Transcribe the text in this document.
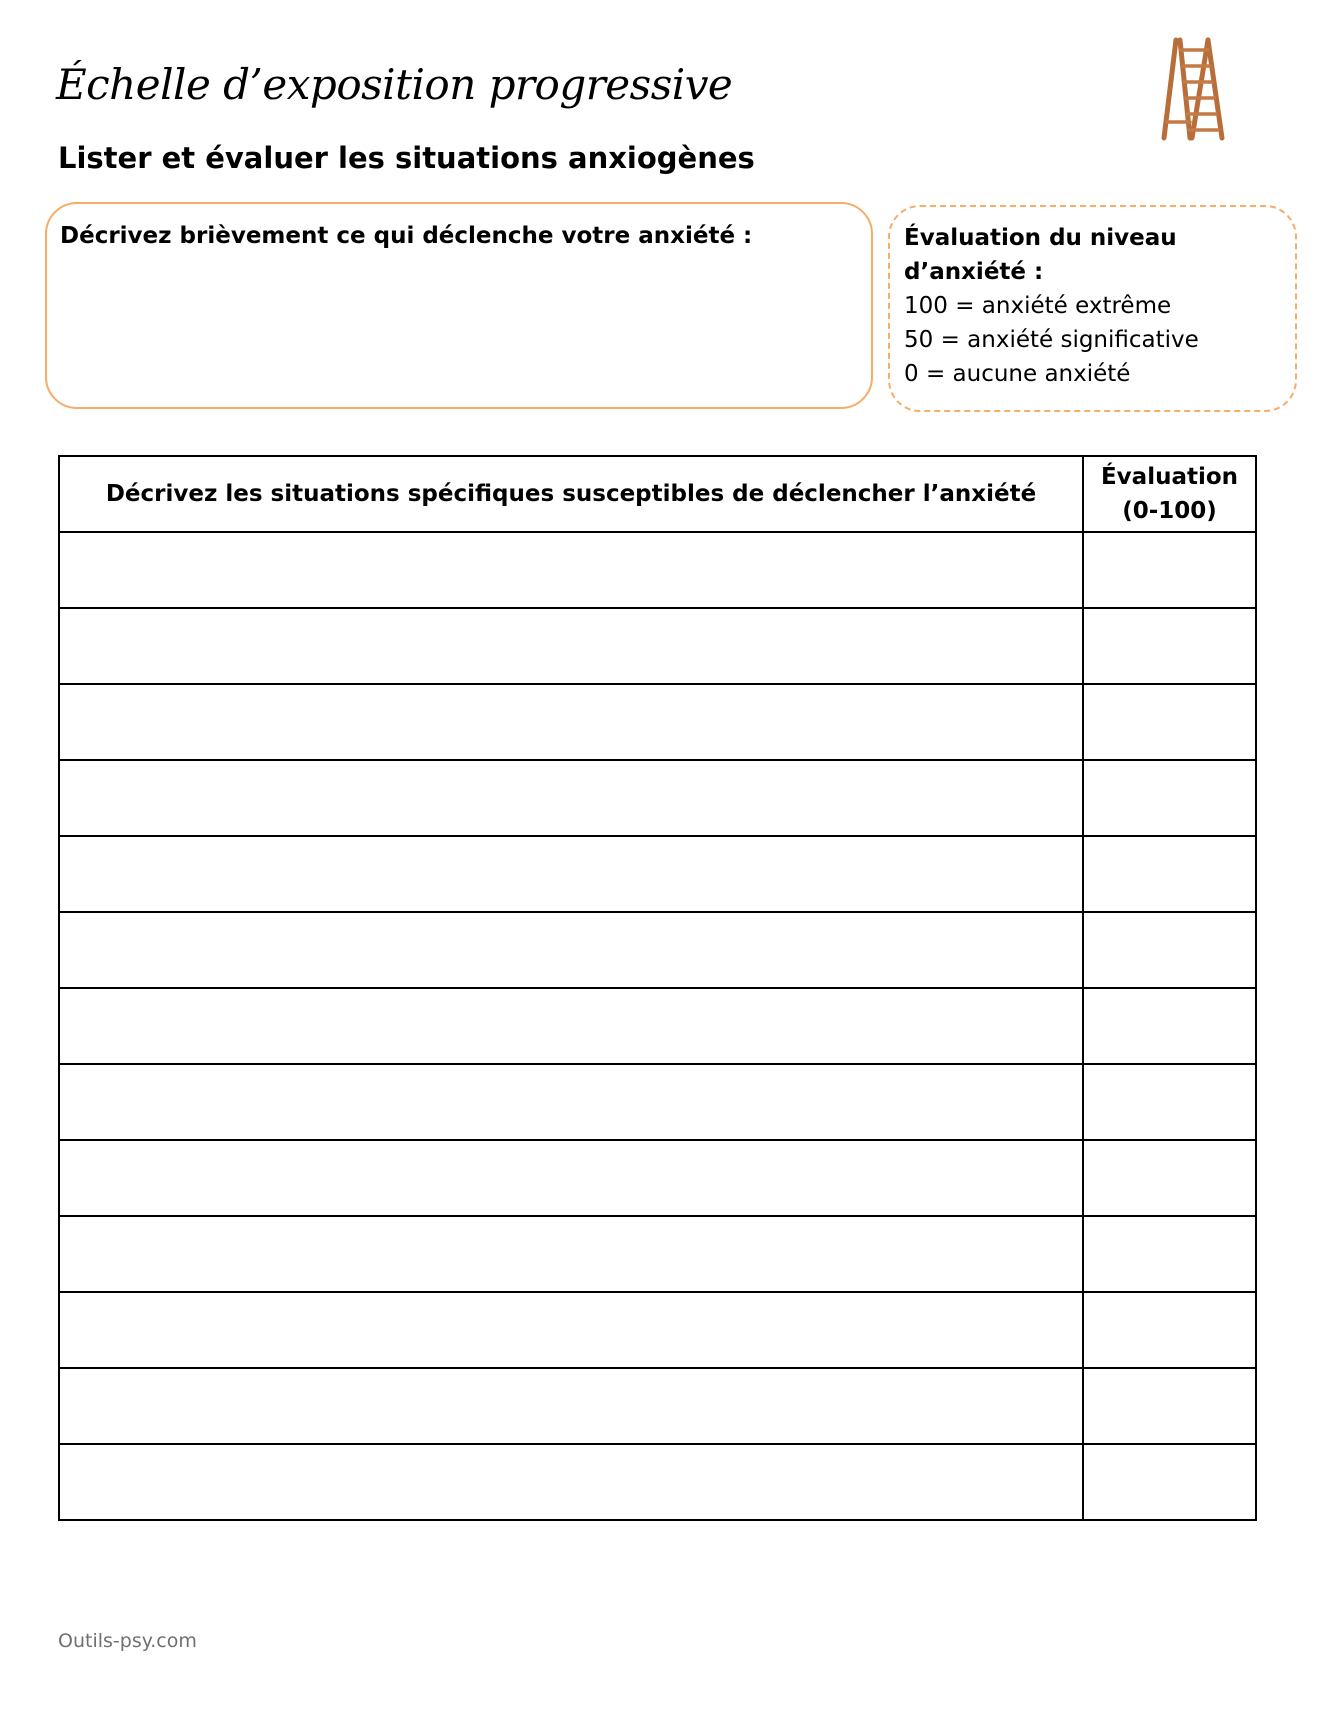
Échelle d’exposition progressive
Lister et évaluer les situations anxiogènes
Décrivez brièvement ce qui déclenche votre anxiété :	Évaluation du niveau d’anxiété :
100 = anxiété extrême
50 = anxiété significative
0 = aucune anxiété
Décrivez les situations spécifiques susceptibles de déclencher l’anxiété	Évaluation
(0-100)

Outils-psy.com
